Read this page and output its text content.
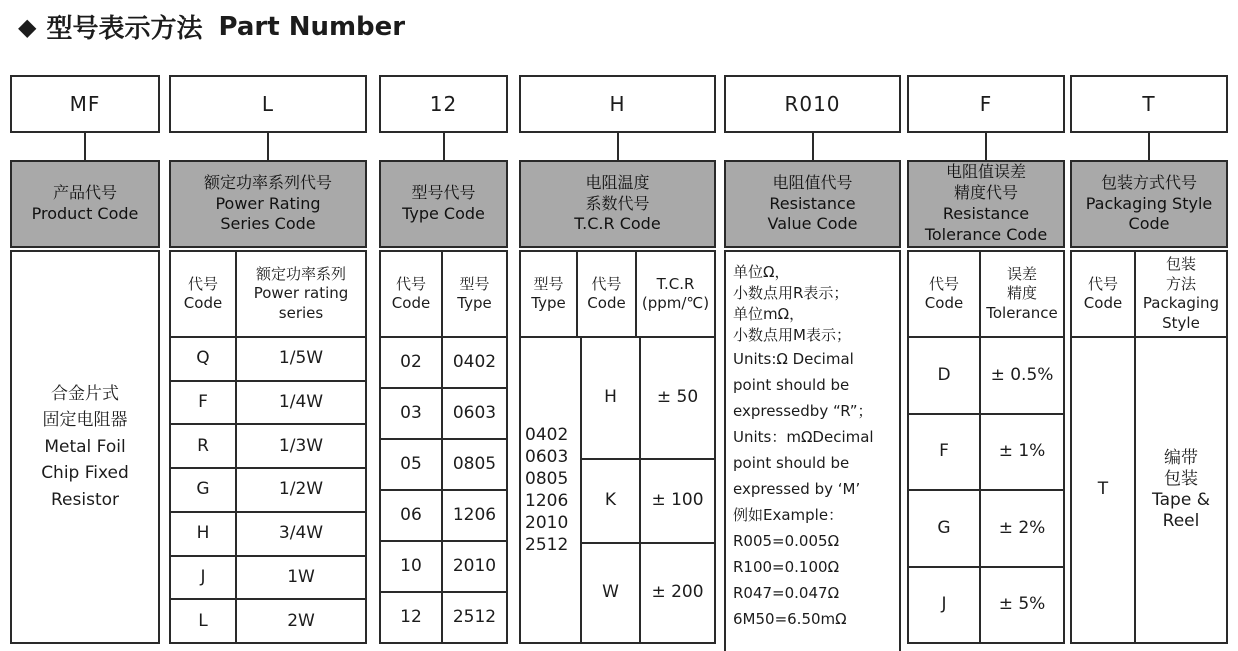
◆ 型号表示方法 Part Number
MF
产品代号
Product Code
合金片式
固定电阻器
Metal Foil
Chip Fixed
Resistor
L
额定功率系列代号
Power Rating
Series Code
代号
Code
额定功率系列
Power rating
series
Q	1/5W
F	1/4W
R	1/3W
G	1/2W
H	3/4W
J	1W
L	2W
12
型号代号
Type Code
代号
Code
型号
Type
02	0402
03	0603
05	0805
06	1206
10	2010
12	2512
H
电阻温度
系数代号
T.C.R Code
型号
Type
代号
Code
T.C.R
(ppm/℃)
0402
0603
0805
1206
2010
2512
H	± 50
K	± 100
W	± 200
R010
电阻值代号
Resistance
Value Code
单位Ω，
小数点用R表示；
单位mΩ，
小数点用M表示；
Units:Ω Decimal
point should be
expressedby “R”；
Units：mΩDecimal
point should be
expressed by ‘M’
例如Example：
R005=0.005Ω
R100=0.100Ω
R047=0.047Ω
6M50=6.50mΩ
F
电阻值误差
精度代号
Resistance
Tolerance Code
代号
Code
误差
精度
Tolerance
D	± 0.5%
F	± 1%
G	± 2%
J	± 5%
T
包装方式代号
Packaging Style
Code
代号
Code
包装
方法
Packaging
Style
T
编带
包装
Tape &
Reel
